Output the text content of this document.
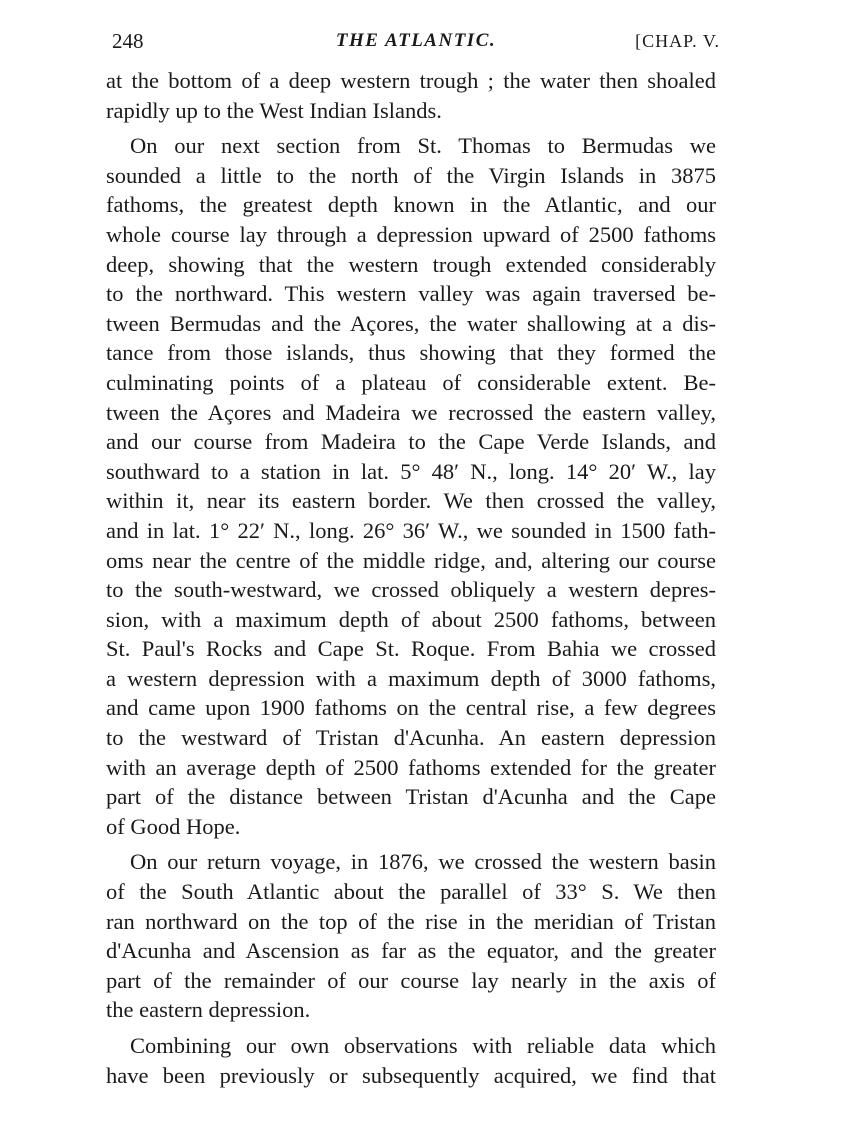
248	THE ATLANTIC.	[CHAP. V.
at the bottom of a deep western trough ; the water then shoaled
rapidly up to the West Indian Islands.
On our next section from St. Thomas to Bermudas we
sounded a little to the north of the Virgin Islands in 3875
fathoms, the greatest depth known in the Atlantic, and our
whole course lay through a depression upward of 2500 fathoms
deep, showing that the western trough extended considerably
to the northward. This western valley was again traversed be-
tween Bermudas and the Açores, the water shallowing at a dis-
tance from those islands, thus showing that they formed the
culminating points of a plateau of considerable extent. Be-
tween the Açores and Madeira we recrossed the eastern valley,
and our course from Madeira to the Cape Verde Islands, and
southward to a station in lat. 5° 48′ N., long. 14° 20′ W., lay
within it, near its eastern border. We then crossed the valley,
and in lat. 1° 22′ N., long. 26° 36′ W., we sounded in 1500 fath-
oms near the centre of the middle ridge, and, altering our course
to the south-westward, we crossed obliquely a western depres-
sion, with a maximum depth of about 2500 fathoms, between
St. Paul's Rocks and Cape St. Roque. From Bahia we crossed
a western depression with a maximum depth of 3000 fathoms,
and came upon 1900 fathoms on the central rise, a few degrees
to the westward of Tristan d'Acunha. An eastern depression
with an average depth of 2500 fathoms extended for the greater
part of the distance between Tristan d'Acunha and the Cape
of Good Hope.
On our return voyage, in 1876, we crossed the western basin
of the South Atlantic about the parallel of 33° S. We then
ran northward on the top of the rise in the meridian of Tristan
d'Acunha and Ascension as far as the equator, and the greater
part of the remainder of our course lay nearly in the axis of
the eastern depression.
Combining our own observations with reliable data which
have been previously or subsequently acquired, we find that
